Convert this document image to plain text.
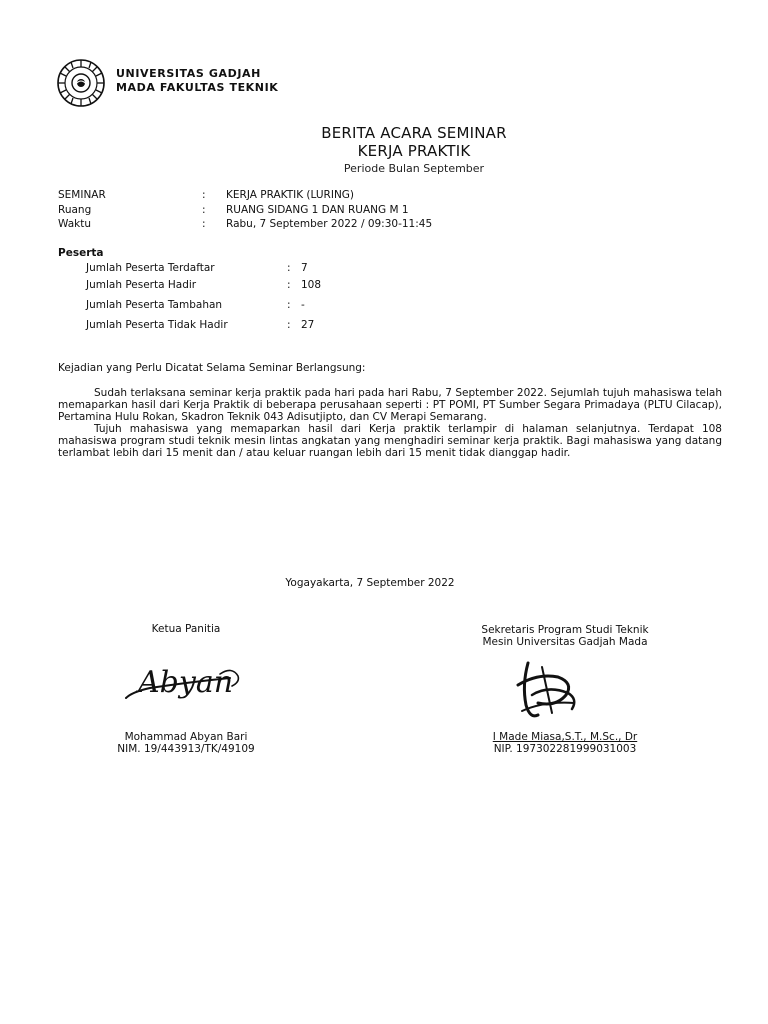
UNIVERSITAS GADJAH
MADA FAKULTAS TEKNIK
BERITA ACARA SEMINAR
KERJA PRAKTIK
Periode Bulan September
SEMINAR	: KERJA PRAKTIK (LURING)
Ruang	: RUANG SIDANG 1 DAN RUANG M 1
Waktu	: Rabu, 7 September 2022 / 09:30-11:45
Peserta
Jumlah Peserta Terdaftar	: 7
Jumlah Peserta Hadir	: 108
Jumlah Peserta Tambahan	: -
Jumlah Peserta Tidak Hadir	: 27
Kejadian yang Perlu Dicatat Selama Seminar Berlangsung:

Sudah terlaksana seminar kerja praktik pada hari pada hari Rabu, 7 September 2022. Sejumlah tujuh mahasiswa telah memaparkan hasil dari Kerja Praktik di beberapa perusahaan seperti : PT POMI, PT Sumber Segara Primadaya (PLTU Cilacap), Pertamina Hulu Rokan, Skadron Teknik 043 Adisutjipto, dan CV Merapi Semarang.

Tujuh mahasiswa yang memaparkan hasil dari Kerja praktik terlampir di halaman selanjutnya. Terdapat 108 mahasiswa program studi teknik mesin lintas angkatan yang menghadiri seminar kerja praktik. Bagi mahasiswa yang datang terlambat lebih dari 15 menit dan / atau keluar ruangan lebih dari 15 menit tidak dianggap hadir.

Yogayakarta, 7 September 2022
Ketua Panitia
Abyan
Mohammad Abyan Bari
NIM. 19/443913/TK/49109
Sekretaris Program Studi Teknik
Mesin Universitas Gadjah Mada
I Made Miasa,S.T., M.Sc., Dr
NIP. 197302281999031003
